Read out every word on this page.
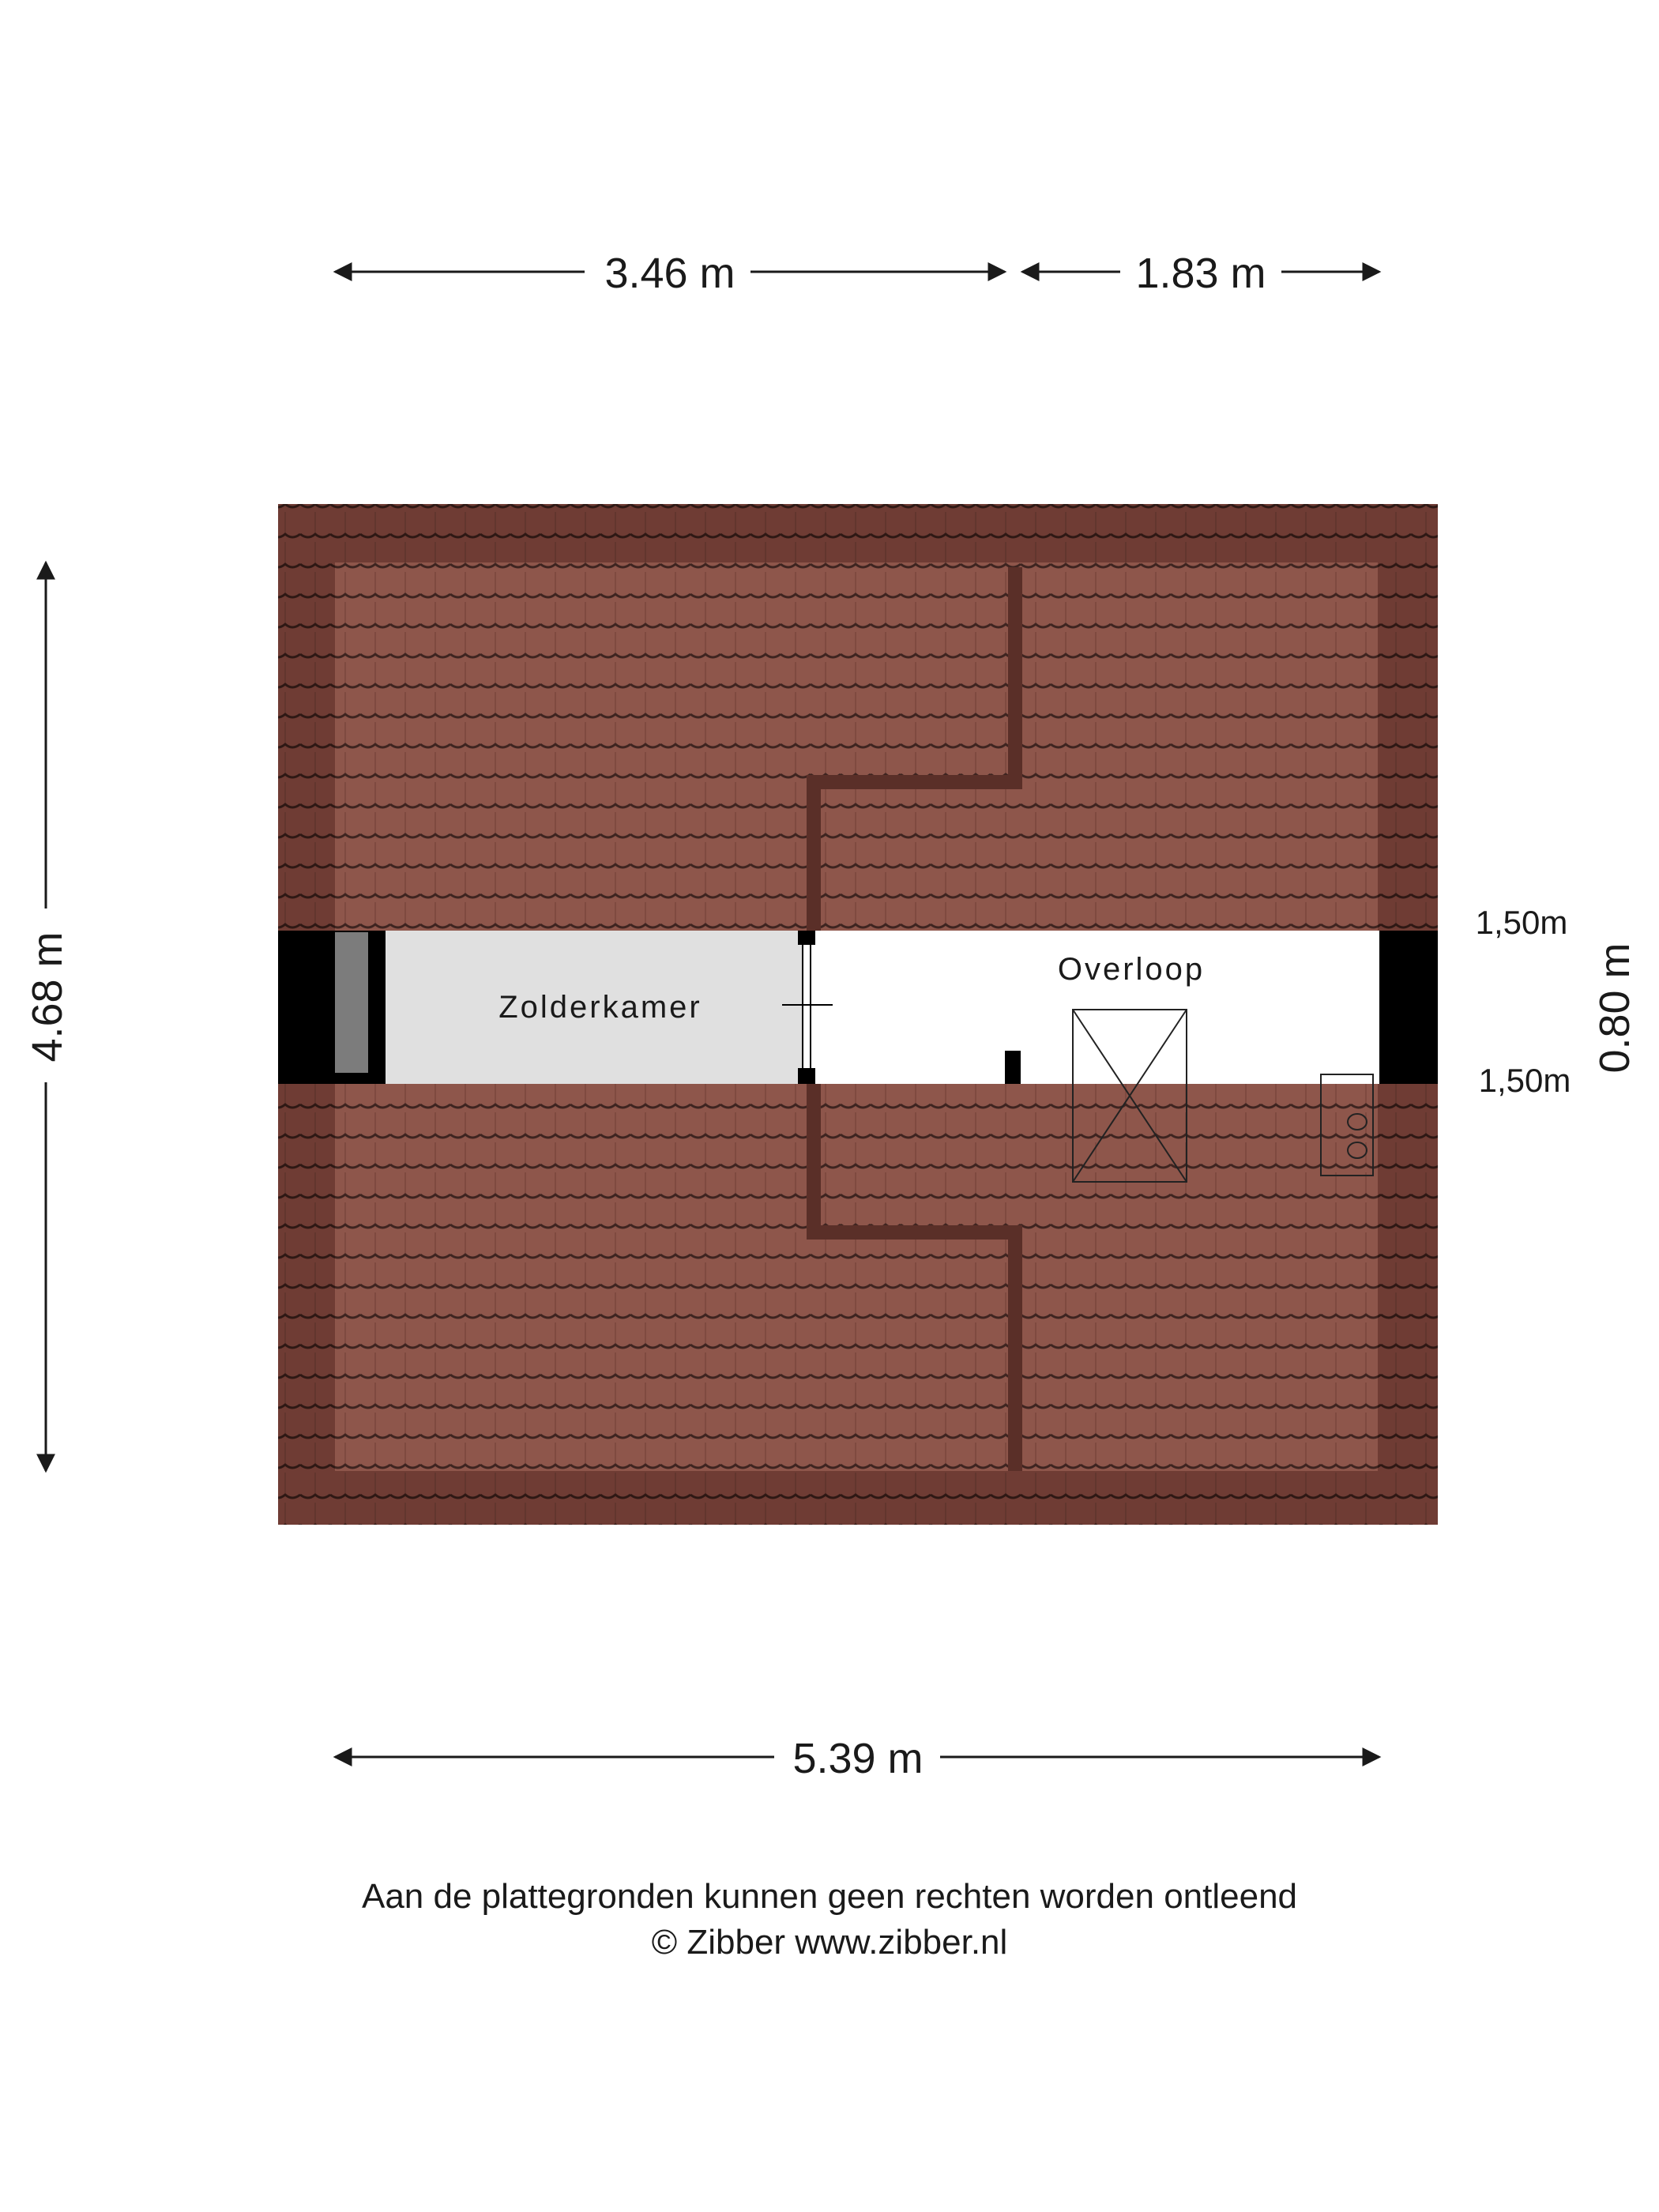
Zolderkamer
Overloop
1,50m
1,50m
3.46 m	1.83 m
5.39 m
4.68 m	0.80 m
Aan de plattegronden kunnen geen rechten worden ontleend
© Zibber www.zibber.nl
